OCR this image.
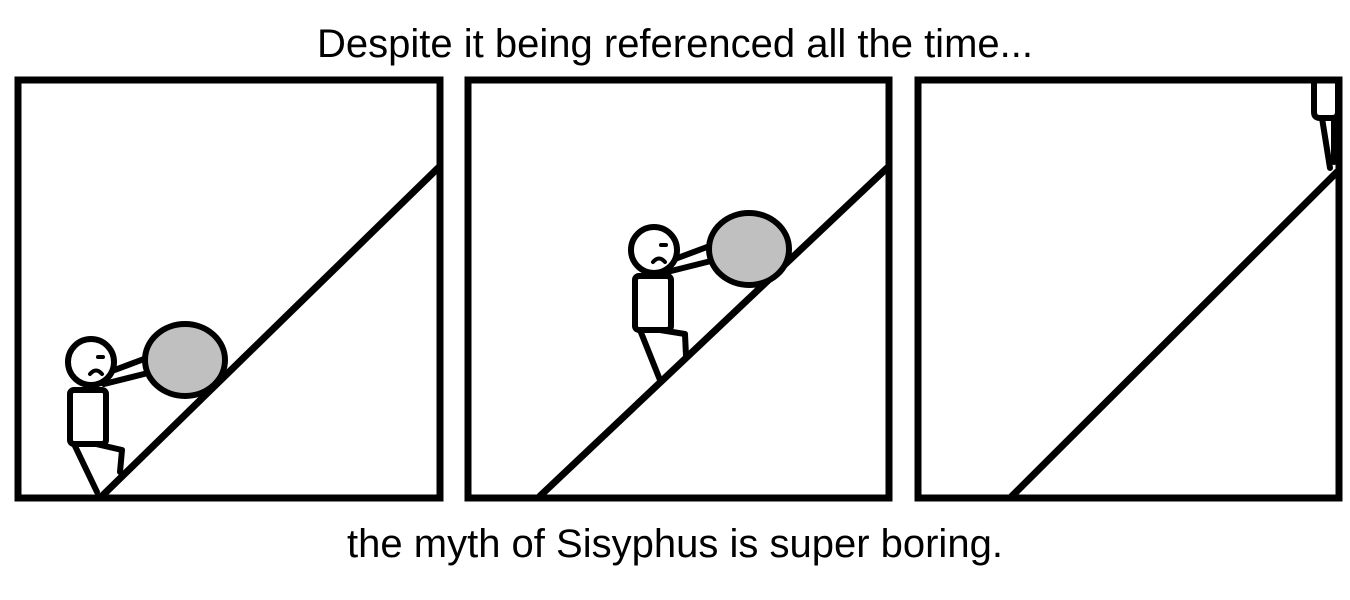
Despite it being referenced all the time...

the myth of Sisyphus is super boring.
